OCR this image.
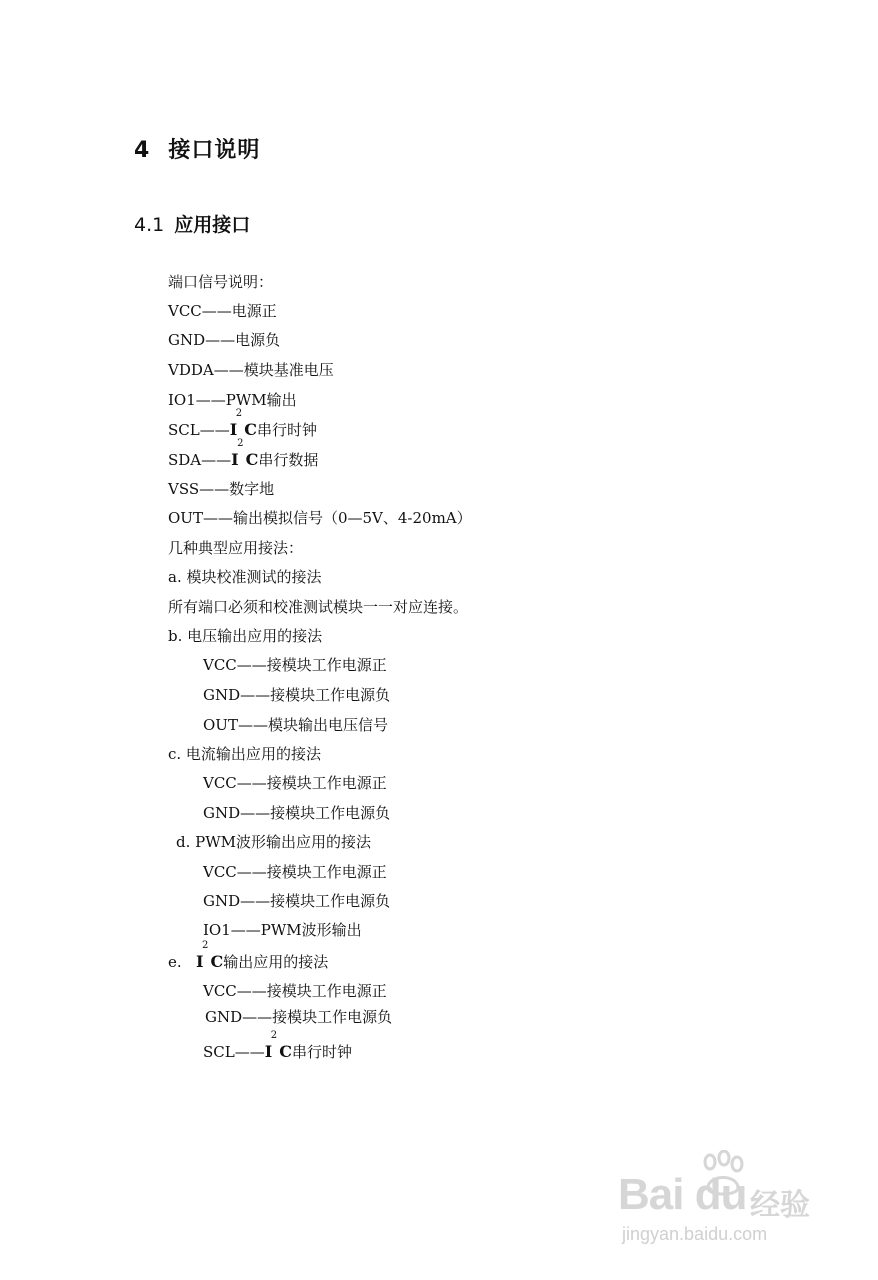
4 接口说明
4.1 应用接口
端口信号说明：
VCC——电源正
GND——电源负
VDDA——模块基准电压
IO1——PWM输出
SCL——I
2
C串行时钟
SDA——I
2
C串行数据
VSS——数字地
OUT——输出模拟信号（0—5V、4-20mA）
几种典型应用接法：
a. 模块校准测试的接法
所有端口必须和校准测试模块一一对应连接。
b. 电压输出应用的接法
VCC——接模块工作电源正
GND——接模块工作电源负
OUT——模块输出电压信号
c. 电流输出应用的接法
VCC——接模块工作电源正
GND——接模块工作电源负
d. PWM波形输出应用的接法
VCC——接模块工作电源正
GND——接模块工作电源负
IO1——PWM波形输出
e. I
2
C输出应用的接法
VCC——接模块工作电源正
GND——接模块工作电源负
SCL——I
2
C串行时钟
Bai du 经验
jingyan.baidu.com
